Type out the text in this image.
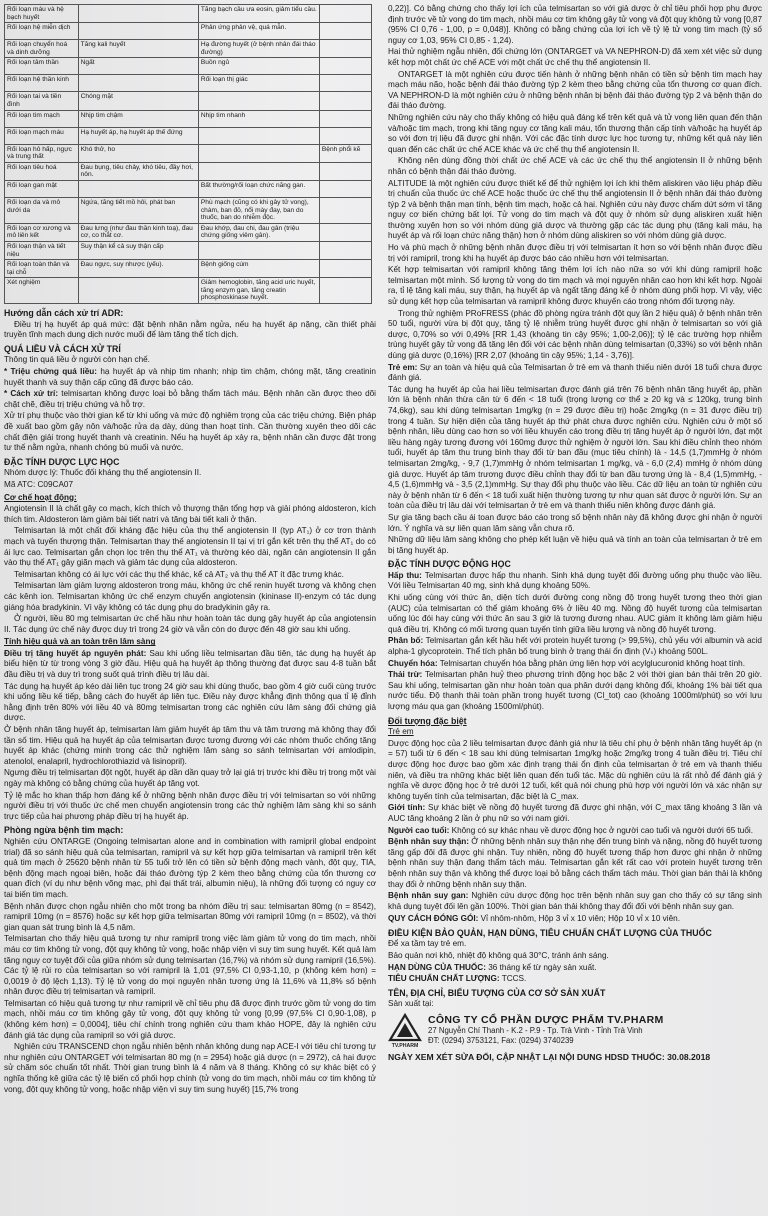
Rối loạn máu và hệ bạch huyết		Tăng bạch cầu ưa eosin, giảm tiểu cầu.	
Rối loạn hệ miễn dịch		Phản ứng phản vệ, quá mẫn.	
Rối loạn chuyển hoá và dinh dưỡng	Tăng kali huyết	Hạ đường huyết (ở bệnh nhân đái tháo đường)	
Rối loạn tâm thần	Ngất	Buồn ngủ	
Rối loạn hệ thần kinh		Rối loạn thị giác	
Rối loạn tai và tiền đình	Chóng mặt		
Rối loạn tim mạch	Nhịp tim chậm	Nhịp tim nhanh	
Rối loạn mạch máu	Hạ huyết áp, hạ huyết áp thế đứng		
Rối loạn hô hấp, ngực và trung thất	Khó thở, ho		Bệnh phổi kẽ
Rối loạn tiêu hoá	Đau bụng, tiêu chảy, khó tiêu, đầy hơi, nôn.		
Rối loạn gan mật		Bất thường/rối loạn chức năng gan.	
Rối loạn da và mô dưới da	Ngứa, tăng tiết mồ hôi, phát ban	Phù mạch (cũng có khi gây tử vong), chàm, ban đỏ, nổi mày đay, ban do thuốc, ban do nhiễm độc.	
Rối loạn cơ xương và mô liên kết	Đau lưng (như đau thần kinh toạ), đau cơ, co thắt cơ.	Đau khớp, đau chi, đau gân (triệu chứng giống viêm gân).	
Rối loạn thận và tiết niệu	Suy thận kể cả suy thận cấp		
Rối loạn toàn thân và tại chỗ	Đau ngực, suy nhược (yếu).	Bệnh giống cúm	
Xét nghiệm		Giảm hemoglobin, tăng acid uric huyết, tăng enzym gan, tăng creatin phosphoskinase huyết.	
Hướng dẫn cách xử trí ADR:

Điều trị hạ huyết áp quá mức: đặt bệnh nhân nằm ngửa, nếu hạ huyết áp nặng, cần thiết phải truyền tĩnh mạch dung dịch nước muối để làm tăng thể tích dịch.

QUÁ LIỀU VÀ CÁCH XỬ TRÍ

Thông tin quá liều ở người còn hạn chế.

* Triệu chứng quá liều: hạ huyết áp và nhịp tim nhanh; nhịp tim chậm, chóng mặt, tăng creatinin huyết thanh và suy thận cấp cũng đã được báo cáo.

* Cách xử trí: telmisartan không được loại bỏ bằng thẩm tách máu. Bệnh nhân cần được theo dõi chặt chẽ, điều trị triệu chứng và hỗ trợ.

Xử trí phụ thuộc vào thời gian kể từ khi uống và mức độ nghiêm trọng của các triệu chứng. Biện pháp đề xuất bao gồm gây nôn và/hoặc rửa dạ dày, dùng than hoạt tính. Cần thường xuyên theo dõi các chất điện giải trong huyết thanh và creatinin. Nếu hạ huyết áp xảy ra, bệnh nhân cần được đặt trong tư thế nằm ngửa, nhanh chóng bù muối và nước.

ĐẶC TÍNH DƯỢC LỰC HỌC

Nhóm dược lý: Thuốc đối kháng thụ thể angiotensin II.

Mã ATC: C09CA07

Cơ chế hoạt động:

Angiotensin II là chất gây co mạch, kích thích vỏ thượng thận tổng hợp và giải phóng aldosteron, kích thích tim. Aldosteron làm giảm bài tiết natri và tăng bài tiết kali ở thận.

Telmisartan là một chất đối kháng đặc hiệu của thụ thể angiotensin II (typ AT₁) ở cơ trơn thành mạch và tuyến thượng thận. Telmisartan thay thế angiotensin II tại vị trí gắn kết trên thụ thể AT₁ do có ái lực cao. Telmisartan gắn chọn lọc trên thụ thể AT₁ và thường kéo dài, ngăn cản angiotensin II gắn vào thụ thể AT₁ gây giãn mạch và giảm tác dụng của aldosteron.

Telmisartan không có ái lực với các thụ thể khác, kể cả AT₂ và thụ thể AT ít đặc trưng khác.

Telmisartan làm giảm lượng aldosteron trong máu, không ức chế renin huyết tương và không chẹn các kênh ion. Telmisartan không ức chế enzym chuyển angiotensin (kininase II)-enzym có tác dụng giáng hóa bradykinin. Vì vậy không có tác dụng phụ do bradykinin gây ra.

Ở người, liều 80 mg telmisartan ức chế hầu như hoàn toàn tác dụng gây huyết áp của angiotensin II. Tác dụng ức chế này được duy trì trong 24 giờ và vẫn còn do được đến 48 giờ sau khi uống.

Tính hiệu quả và an toàn trên lâm sàng

Điều trị tăng huyết áp nguyên phát: Sau khi uống liều telmisartan đầu tiên, tác dụng hạ huyết áp biểu hiện từ từ trong vòng 3 giờ đầu. Hiệu quả hạ huyết áp thông thường đạt được sau 4-8 tuần bắt đầu điều trị và duy trì trong suốt quá trình điều trị lâu dài.

Tác dụng hạ huyết áp kéo dài liên tục trong 24 giờ sau khi dùng thuốc, bao gồm 4 giờ cuối cùng trước khi uống liều kế tiếp, bằng cách đo huyết áp liên tục. Điều này được khẳng định thông qua tỉ lệ đỉnh hằng định trên 80% với liều 40 và 80mg telmisartan trong các nghiên cứu lâm sàng đối chứng giả dược.

Ở bệnh nhân tăng huyết áp, telmisartan làm giảm huyết áp tâm thu và tâm trương mà không thay đổi tần số tim. Hiệu quả hạ huyết áp của telmisartan được tương đương với các nhóm thuốc chống tăng huyết áp khác (chứng minh trong các thử nghiệm lâm sàng so sánh telmisartan với amlodipin, atenolol, enalapril, hydrochlorothiazid và lisinopril).

Ngưng điều trị telmisartan đột ngột, huyết áp dần dần quay trở lại giá trị trước khi điều trị trong một vài ngày mà không có bằng chứng của huyết áp tăng vọt.

Tỷ lệ mắc ho khan thấp hơn đáng kể ở những bệnh nhân được điều trị với telmisartan so với những người điều trị với thuốc ức chế men chuyển angiotensin trong các thử nghiệm lâm sàng khi so sánh trực tiếp của hai phương pháp điều trị hạ huyết áp.

Phòng ngừa bệnh tim mạch:

Nghiên cứu ONTARGE (Ongoing telmisartan alone and in combination with ramipril global endpoint trial) đã so sánh hiệu quả của telmisartan, ramipril và sự kết hợp giữa telmisartan và ramipril trên kết quả tim mạch ở 25620 bệnh nhân từ 55 tuổi trở lên có tiền sử bệnh động mạch vành, đột quỵ, TIA, bệnh động mạch ngoại biên, hoặc đái tháo đường týp 2 kèm theo bằng chứng của tổn thương cơ quan đích (ví dụ như bệnh võng mạc, phì đại thất trái, albumin niệu), là những đối tượng có nguy cơ tai biến tim mạch.

Bệnh nhân được chọn ngẫu nhiên cho một trong ba nhóm điều trị sau: telmisartan 80mg (n = 8542), ramipril 10mg (n = 8576) hoặc sự kết hợp giữa telmisartan 80mg với ramipril 10mg (n = 8502), và thời gian quan sát trung bình là 4,5 năm.

Telmisartan cho thấy hiệu quả tương tự như ramipril trong việc làm giảm tử vong do tim mạch, nhồi máu cơ tim không tử vong, đột quỵ không tử vong, hoặc nhập viện vì suy tim sung huyết. Kết quả làm tăng nguy cơ tuyệt đối của giữa nhóm sử dụng telmisartan (16,7%) và nhóm sử dụng ramipril (16,5%). Các tỷ lệ rủi ro của telmisartan so với ramipril là 1,01 (97,5% CI 0,93-1,10, p (không kém hơn) = 0,0019 ở độ lệch 1,13). Tỷ lệ tử vong do mọi nguyên nhân tương ứng là 11,6% và 11,8% số bệnh nhân được điều trị telmisartan và ramipril.

Telmisartan có hiệu quả tương tự như ramipril về chỉ tiêu phụ đã được định trước gồm tử vong do tim mạch, nhồi máu cơ tim không gây tử vong, đột quỵ không tử vong [0,99 (97,5% CI 0,90-1,08), p (không kém hơn) = 0,0004], tiêu chí chính trong nghiên cứu tham khảo HOPE, đây là nghiên cứu đánh giá tác dụng của ramipril so với giả dược.

Nghiên cứu TRANSCEND chọn ngẫu nhiên bệnh nhân không dung nạp ACE-I với tiêu chí tương tự như nghiên cứu ONTARGET với telmisartan 80 mg (n = 2954) hoặc giả dược (n = 2972), cả hai được sử chăm sóc chuẩn tốt nhất. Thời gian trung bình là 4 năm và 8 tháng. Không có sự khác biệt có ý nghĩa thống kê giữa các tỷ lệ biến cố phối hợp chính (tử vong do tim mạch, nhồi máu cơ tim không tử vong, đột quỵ không tử vong, hoặc nhập viện vì suy tim sung huyết) [15,7% trong

0,22)]. Có bằng chứng cho thấy lợi ích của telmisartan so với giả dược ở chỉ tiêu phối hợp phụ được định trước về tử vong do tim mạch, nhồi máu cơ tim không gây tử vong và đột quỵ không tử vong [0,87 (95% CI 0,76 - 1,00, p = 0,048)]. Không có bằng chứng của lợi ích về tỷ lệ tử vong tim mạch (tỷ số nguy cơ 1,03, 95% CI 0,85 - 1,24).

Hai thử nghiệm ngẫu nhiên, đối chứng lớn (ONTARGET và VA NEPHRON-D) đã xem xét việc sử dụng kết hợp một chất ức chế ACE với một chất ức chế thụ thể angiotensin II.

ONTARGET là một nghiên cứu được tiến hành ở những bệnh nhân có tiền sử bệnh tim mạch hay mạch máu não, hoặc bệnh đái tháo đường týp 2 kèm theo bằng chứng của tổn thương cơ quan đích. VA NEPHRON-D là một nghiên cứu ở những bệnh nhân bị bệnh đái tháo đường týp 2 và bệnh thận do đái tháo đường.

Những nghiên cứu này cho thấy không có hiệu quả đáng kể trên kết quả và tử vong liên quan đến thận và/hoặc tim mạch, trong khi tăng nguy cơ tăng kali máu, tổn thương thận cấp tính và/hoặc hạ huyết áp so với đơn trị liệu đã được ghi nhận. Với các đặc tính dược lực học tương tự, những kết quả này liên quan đến các chất ức chế ACE khác và ức chế thụ thể angiotensin II.

Không nên dùng đồng thời chất ức chế ACE và các ức chế thụ thể angiotensin II ở những bệnh nhân có bệnh thận đái tháo đường.

ALTITUDE là một nghiên cứu được thiết kế để thử nghiệm lợi ích khi thêm aliskiren vào liệu pháp điều trị chuẩn của thuốc ức chế ACE hoặc thuốc ức chế thụ thể angiotensin II ở bệnh nhân đái tháo đường týp 2 và bệnh thận mạn tính, bệnh tim mạch, hoặc cả hai. Nghiên cứu này được chấm dứt sớm vì tăng nguy cơ biến chứng bất lợi. Tử vong do tim mạch và đột quỵ ở nhóm sử dụng aliskiren xuất hiện thường xuyên hơn so với nhóm dùng giả dược và thường gặp các tác dụng phụ (tăng kali máu, hạ huyết áp và rối loạn chức năng thận) hơn ở nhóm dùng aliskiren so với nhóm dùng giả dược.

Ho và phù mạch ở những bệnh nhân được điều trị với telmisartan ít hơn so với bệnh nhân được điều trị với ramipril, trong khi hạ huyết áp được báo cáo nhiều hơn với telmisartan.

Kết hợp telmisartan với ramipril không tăng thêm lợi ích nào nữa so với khi dùng ramipril hoặc telmisartan một mình. Số lượng tử vong do tim mạch và mọi nguyên nhân cao hơn khi kết hợp. Ngoài ra, tỉ lệ tăng kali máu, suy thận, hạ huyết áp và ngất tăng đáng kể ở nhóm dùng phối hợp. Vì vậy, việc sử dụng kết hợp của telmisartan và ramipril không được khuyến cáo trong nhóm đối tượng này.

Trong thử nghiệm PRoFRESS (phác đồ phòng ngừa tránh đột quỵ lần 2 hiệu quả) ở bệnh nhân trên 50 tuổi, người vừa bị đột quỵ, tăng tỷ lệ nhiễm trùng huyết được ghi nhận ở telmisartan so với giả dược, 0,70% so với 0,49% [RR 1,43 (khoảng tin cậy 95%; 1,00-2,06)]; tỷ lệ các trường hợp nhiễm trùng huyết gây tử vong đã tăng lên đối với các bệnh nhân dùng telmisartan (0,33%) so với bệnh nhân dùng giả dược (0,16%) [RR 2,07 (khoảng tin cậy 95%; 1,14 - 3,76)].

Trẻ em: Sự an toàn và hiệu quả của Telmisartan ở trẻ em và thanh thiếu niên dưới 18 tuổi chưa được đánh giá.

Tác dụng hạ huyết áp của hai liều telmisartan được đánh giá trên 76 bệnh nhân tăng huyết áp, phần lớn là bệnh nhân thừa cân từ 6 đến < 18 tuổi (trọng lượng cơ thể ≥ 20 kg và ≤ 120kg, trung bình 74,6kg), sau khi dùng telmisartan 1mg/kg (n = 29 được điều trị) hoặc 2mg/kg (n = 31 được điều trị) trong 4 tuần. Sự hiện diện của tăng huyết áp thứ phát chưa được nghiên cứu. Nghiên cứu ở một số bệnh nhân, liều dùng cao hơn so với liều khuyến cáo trong điều trị tăng huyết áp ở người lớn, đạt một liều hàng ngày tương đương với 160mg được thử nghiệm ở người lớn. Sau khi điều chỉnh theo nhóm tuổi, huyết áp tâm thu trung bình thay đổi từ ban đầu (mục tiêu chính) là - 14,5 (1,7)mmHg ở nhóm telmisartan 2mg/kg, - 9,7 (1,7)mmHg ở nhóm telmisartan 1 mg/kg, và - 6,0 (2,4) mmHg ở nhóm dùng giả dược. Huyết áp tâm trương được điều chỉnh thay đổi từ ban đầu tương ứng là - 8,4 (1,5)mmHg, - 4,5 (1,6)mmHg và - 3,5 (2,1)mmHg. Sự thay đổi phụ thuộc vào liều. Các dữ liệu an toàn từ nghiên cứu này ở bệnh nhân từ 6 đến < 18 tuổi xuất hiện thường tương tự như quan sát được ở người lớn. Sự an toàn của điều trị lâu dài với telmisartan ở trẻ em và thanh thiếu niên không được đánh giá.

Sự gia tăng bạch cầu ái toan được báo cáo trong số bệnh nhân này đã không được ghi nhận ở người lớn. Ý nghĩa và sự liên quan lâm sàng vẫn chưa rõ.

Những dữ liệu lâm sàng không cho phép kết luận về hiệu quả và tính an toàn của telmisartan ở trẻ em bị tăng huyết áp.

ĐẶC TÍNH DƯỢC ĐỘNG HỌC

Hấp thu: Telmisartan được hấp thu nhanh. Sinh khả dụng tuyệt đối đường uống phụ thuộc vào liều. Với liều Telmisartan 40 mg, sinh khả dụng khoảng 50%.

Khi uống cùng với thức ăn, diện tích dưới đường cong nồng độ trong huyết tương theo thời gian (AUC) của telmisartan có thể giảm khoảng 6% ở liều 40 mg. Nồng độ huyết tương của telmisartan uống lúc đói hay cùng với thức ăn sau 3 giờ là tương đương nhau. AUC giảm ít không làm giảm hiệu quả điều trị. Không có mối tương quan tuyến tính giữa liều lượng và nồng độ huyết tương.

Phân bố: Telmisartan gắn kết hầu hết với protein huyết tương (> 99,5%), chủ yếu với albumin và acid alpha-1 glycoprotein. Thể tích phân bố trung bình ở trạng thái ổn định (Vₛ) khoảng 500L.

Chuyển hóa: Telmisartan chuyển hóa bằng phản ứng liên hợp với acylglucuronid không hoạt tính.

Thải trừ: Telmisartan phân huỷ theo phương trình động học bậc 2 với thời gian bán thải trên 20 giờ. Sau khi uống, telmisartan gần như hoàn toàn qua phân dưới dạng không đổi, khoảng 1% bài tiết qua nước tiểu. Độ thanh thải toàn phần trong huyết tương (Cl_tot) cao (khoảng 1000ml/phút) so với lưu lượng máu qua gan (khoảng 1500ml/phút).

Đối tượng đặc biệt

Trẻ em

Dược động học của 2 liều telmisartan được đánh giá như là tiêu chí phụ ở bệnh nhân tăng huyết áp (n = 57) tuổi từ 6 đến < 18 sau khi dùng telmisartan 1mg/kg hoặc 2mg/kg trong 4 tuần điều trị. Tiêu chí dược động học được bao gồm xác định trạng thái ổn định của telmisartan ở trẻ em và thanh thiếu niên, và điều tra những khác biệt liên quan đến tuổi tác. Mặc dù nghiên cứu là rất nhỏ để đánh giá ý nghĩa về dược động học ở trẻ dưới 12 tuổi, kết quả nói chung phù hợp với người lớn và xác nhận sự không tuyến tính của telmisartan, đặc biệt là C_max.

Giới tính: Sự khác biệt về nồng độ huyết tương đã được ghi nhận, với C_max tăng khoảng 3 lần và AUC tăng khoảng 2 lần ở phụ nữ so với nam giới.

Người cao tuổi: Không có sự khác nhau về dược động học ở người cao tuổi và người dưới 65 tuổi.

Bệnh nhân suy thận: Ở những bệnh nhân suy thận nhẹ đến trung bình và nặng, nồng độ huyết tương tăng gấp đôi đã được ghi nhận. Tuy nhiên, nồng độ huyết tương thấp hơn được ghi nhận ở những bệnh nhân suy thận đang thẩm tách máu. Telmisartan gắn kết rất cao với protein huyết tương trên bệnh nhân suy thận và không thể được loại bỏ bằng cách thẩm tách máu. Thời gian bán thải là không thay đổi ở những bệnh nhân suy thận.

Bệnh nhân suy gan: Nghiên cứu dược động học trên bệnh nhân suy gan cho thấy có sự tăng sinh khả dụng tuyệt đối lên gần 100%. Thời gian bán thải không thay đổi đối với bệnh nhân suy gan.

QUY CÁCH ĐÓNG GÓI: Vỉ nhôm-nhôm, Hộp 3 vỉ x 10 viên; Hộp 10 vỉ x 10 viên.

ĐIỀU KIỆN BẢO QUẢN, HẠN DÙNG, TIÊU CHUẨN CHẤT LƯỢNG CỦA THUỐC

Để xa tầm tay trẻ em.

Bảo quản nơi khô, nhiệt độ không quá 30°C, tránh ánh sáng.

HẠN DÙNG CỦA THUỐC: 36 tháng kể từ ngày sản xuất.

TIÊU CHUẨN CHẤT LƯỢNG: TCCS.

TÊN, ĐỊA CHỈ, BIỂU TƯỢNG CỦA CƠ SỞ SẢN XUẤT

Sản xuất tại:

TV.PHARM
CÔNG TY CỔ PHẦN DƯỢC PHẨM TV.PHARM
27 Nguyễn Chí Thanh - K.2 - P.9 - Tp. Trà Vinh - Tỉnh Trà Vinh
ĐT: (0294) 3753121, Fax: (0294) 3740239
NGÀY XEM XÉT SỬA ĐỔI, CẬP NHẬT LẠI NỘI DUNG HDSD THUỐC: 30.08.2018
